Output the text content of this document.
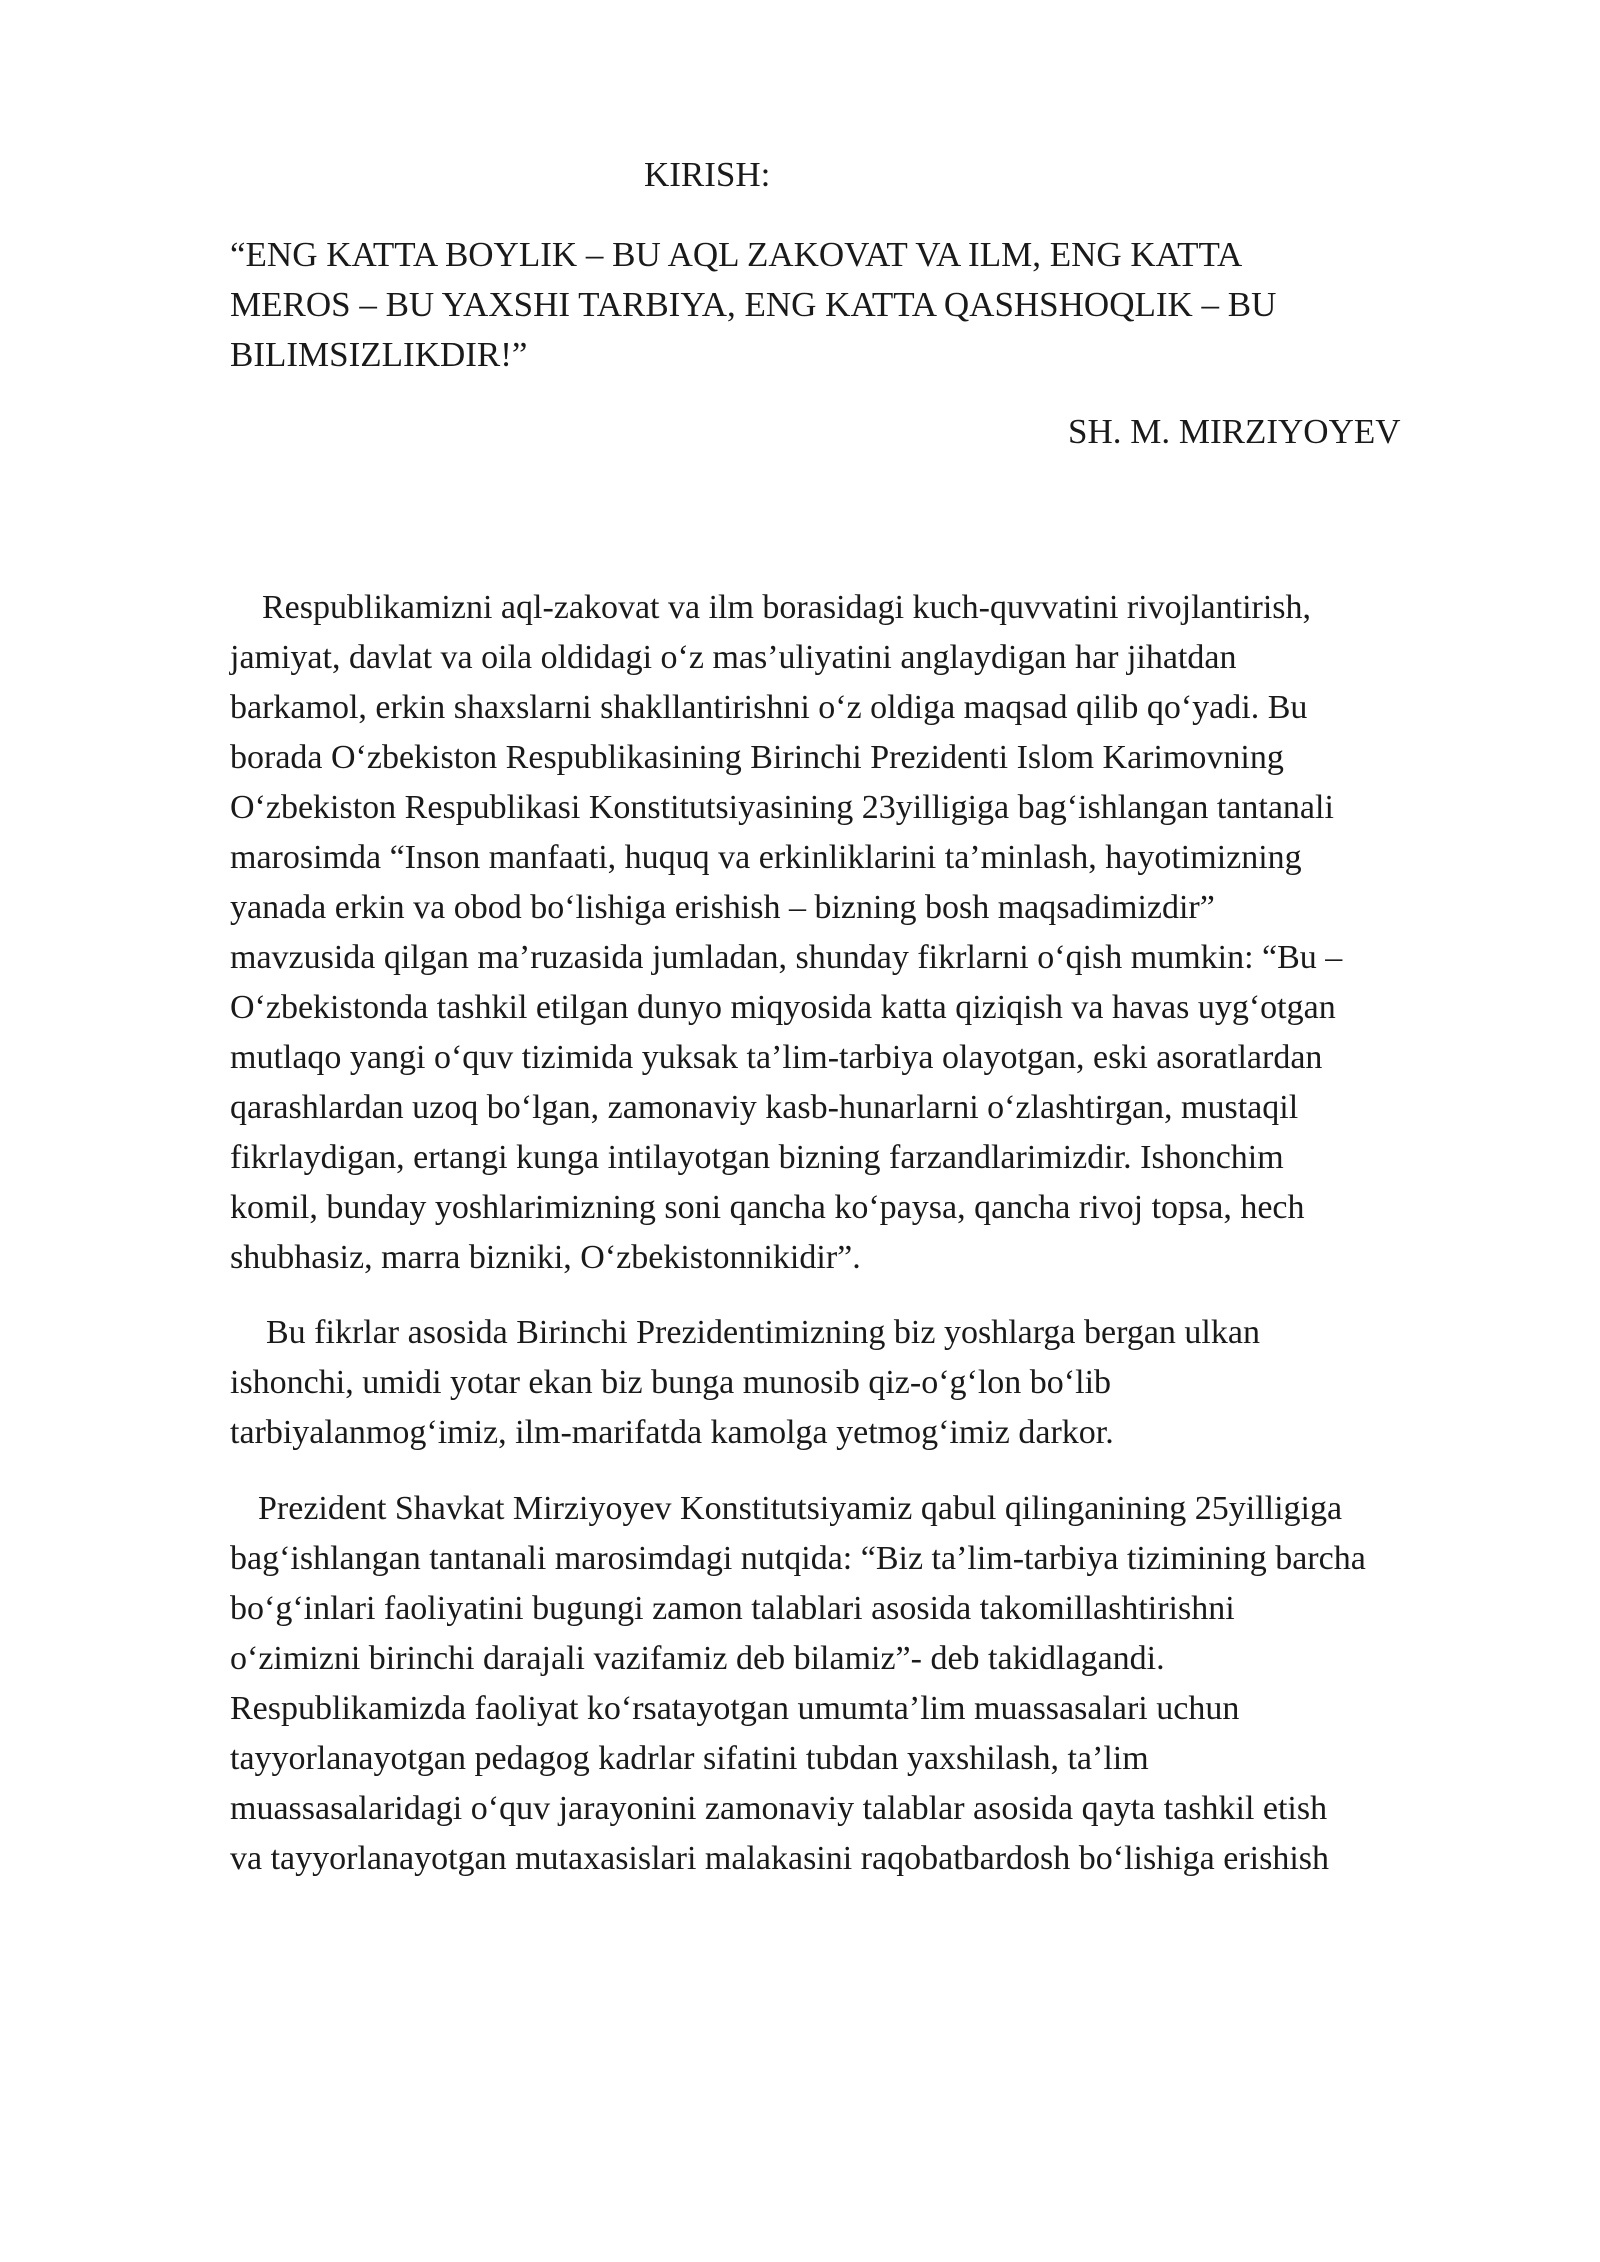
KIRISH:
“ENG KATTA BOYLIK – BU AQL ZAKOVAT VA ILM, ENG KATTA
MEROS – BU YAXSHI TARBIYA, ENG KATTA QASHSHOQLIK – BU
BILIMSIZLIKDIR!”
SH. M. MIRZIYOYEV
Respublikamizni aql-zakovat va ilm borasidagi kuch-quvvatini rivojlantirish,
jamiyat, davlat va oila oldidagi o‘z mas’uliyatini anglaydigan har jihatdan
barkamol, erkin shaxslarni shakllantirishni o‘z oldiga maqsad qilib qo‘yadi. Bu
borada O‘zbekiston Respublikasining Birinchi Prezidenti Islom Karimovning
O‘zbekiston Respublikasi Konstitutsiyasining 23yilligiga bag‘ishlangan tantanali
marosimda “Inson manfaati, huquq va erkinliklarini ta’minlash, hayotimizning
yanada erkin va obod bo‘lishiga erishish – bizning bosh maqsadimizdir”
mavzusida qilgan ma’ruzasida jumladan, shunday fikrlarni o‘qish mumkin: “Bu –
O‘zbekistonda tashkil etilgan dunyo miqyosida katta qiziqish va havas uyg‘otgan
mutlaqo yangi o‘quv tizimida yuksak ta’lim-tarbiya olayotgan, eski asoratlardan
qarashlardan uzoq bo‘lgan, zamonaviy kasb-hunarlarni o‘zlashtirgan, mustaqil
fikrlaydigan, ertangi kunga intilayotgan bizning farzandlarimizdir. Ishonchim
komil, bunday yoshlarimizning soni qancha ko‘paysa, qancha rivoj topsa, hech
shubhasiz, marra bizniki, O‘zbekistonnikidir”.
Bu fikrlar asosida Birinchi Prezidentimizning biz yoshlarga bergan ulkan
ishonchi, umidi yotar ekan biz bunga munosib qiz-o‘g‘lon bo‘lib
tarbiyalanmog‘imiz, ilm-marifatda kamolga yetmog‘imiz darkor.
Prezident Shavkat Mirziyoyev Konstitutsiyamiz qabul qilinganining 25yilligiga
bag‘ishlangan tantanali marosimdagi nutqida: “Biz ta’lim-tarbiya tizimining barcha
bo‘g‘inlari faoliyatini bugungi zamon talablari asosida takomillashtirishni
o‘zimizni birinchi darajali vazifamiz deb bilamiz”- deb takidlagandi.
Respublikamizda faoliyat ko‘rsatayotgan umumta’lim muassasalari uchun
tayyorlanayotgan pedagog kadrlar sifatini tubdan yaxshilash, ta’lim
muassasalaridagi o‘quv jarayonini zamonaviy talablar asosida qayta tashkil etish
va tayyorlanayotgan mutaxasislari malakasini raqobatbardosh bo‘lishiga erishish
